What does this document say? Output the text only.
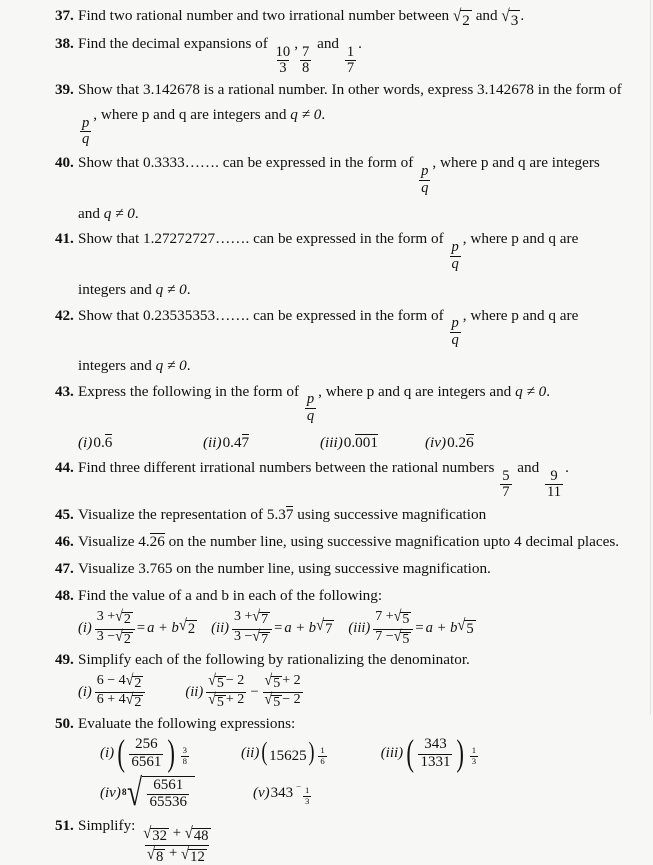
37. Find two rational number and two irrational number between √ 2 and √ 3 .
38. Find the decimal expansions of
$\frac{10}{3}$
,
$\frac{7}{8}$
and
$\frac{1}{7}$
.
39. Show that 3.142678 is a rational number. In other words, express 3.142678 in the form of
$\frac{p}{q}$
, where p and q are integers and q ≠ 0.
40. Show that 0.3333……. can be expressed in the form of
$\frac{p}{q}$
, where p and q are integers
and q ≠ 0.
41. Show that 1.27272727……. can be expressed in the form of
$\frac{p}{q}$
, where p and q are
integers and q ≠ 0.
42. Show that 0.23535353……. can be expressed in the form of
$\frac{p}{q}$
, where p and q are
integers and q ≠ 0.
43. Express the following in the form of
$\frac{p}{q}$
, where p and q are integers and q ≠ 0.
(i)0.6	(ii)0.47	(iii)0.001	(iv)0.26
44. Find three different irrational numbers between the rational numbers
$\frac{5}{7}$
and
$\frac{9}{11}$
.
45. Visualize the representation of 5.37 using successive magnification
46. Visualize 4.26 on the number line, using successive magnification upto 4 decimal places.
47. Visualize 3.765 on the number line, using successive magnification.
48. Find the value of a and b in each of the following:
$(i) \frac{3 + √ 2}{3 - √ 2} = a + b$ √ 2 $(ii) \frac{3 + √ 7}{3 - √ 7} = a + b$ √ 7 $(iii) \frac{7 + √ 5}{7 - √ 5} = a + b$ √ 5
49. Simplify each of the following by rationalizing the denominator.
$(i) \frac{6 - 4 √ 2}{6 + 4 √ 2}$	$(ii) \frac{√ 5 - 2}{√ 5 + 2} - \frac{√ 5 + 2}{√ 5 - 2}$
50. Evaluate the following expressions:
(i) ( $\frac{256}{6561}$ ) $\frac{3}{8}$	(ii) $(15625) \frac{1}{6}$	(iii) ( $\frac{343}{1331}$ ) $\frac{1}{3}$
(iv) 8 √ $\frac{6561}{65536}$	(v) 343 −
$\frac{1}{3}$
51. Simplify:
$\frac{√ 32 + √ 48}{√ 8 + √ 12}$
